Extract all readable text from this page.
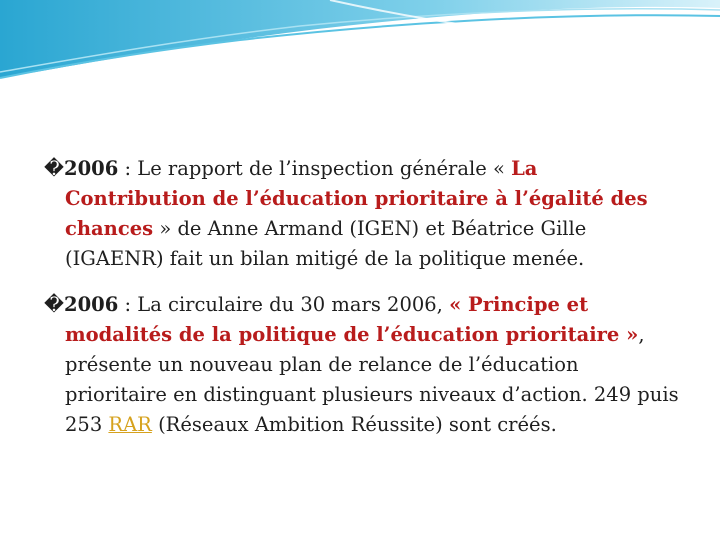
�2006 : Le rapport de l’inspection générale « La Contribution de l’éducation prioritaire à l’égalité des chances » de Anne Armand (IGEN) et Béatrice Gille (IGAENR) fait un bilan mitigé de la politique menée.

�2006 : La circulaire du 30 mars 2006, « Principe et modalités de la politique de l’éducation prioritaire », présente un nouveau plan de relance de l’éducation prioritaire en distinguant plusieurs niveaux d’action. 249 puis 253 RAR (Réseaux Ambition Réussite) sont créés.
